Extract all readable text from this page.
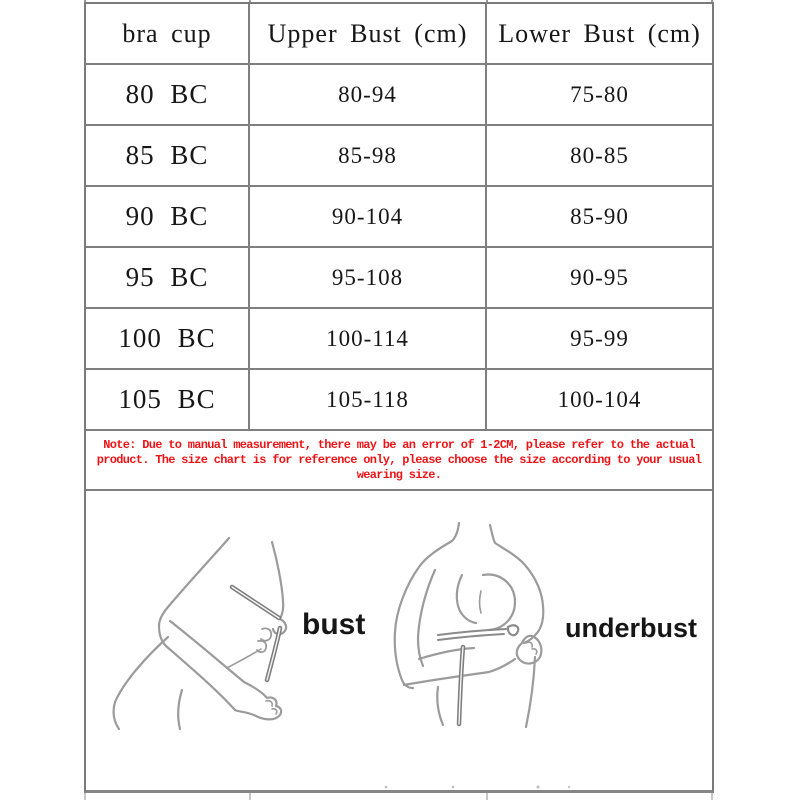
bra cup	Upper Bust (cm)	Lower Bust (cm)
80 BC	80-94	75-80
85 BC	85-98	80-85
90 BC	90-104	85-90
95 BC	95-108	90-95
100 BC	100-114	95-99
105 BC	105-118	100-104
Note: Due to manual measurement, there may be an error of 1-2CM, please refer to the actual
product. The size chart is for reference only, please choose the size according to your usual
wearing size.
bust	underbust
